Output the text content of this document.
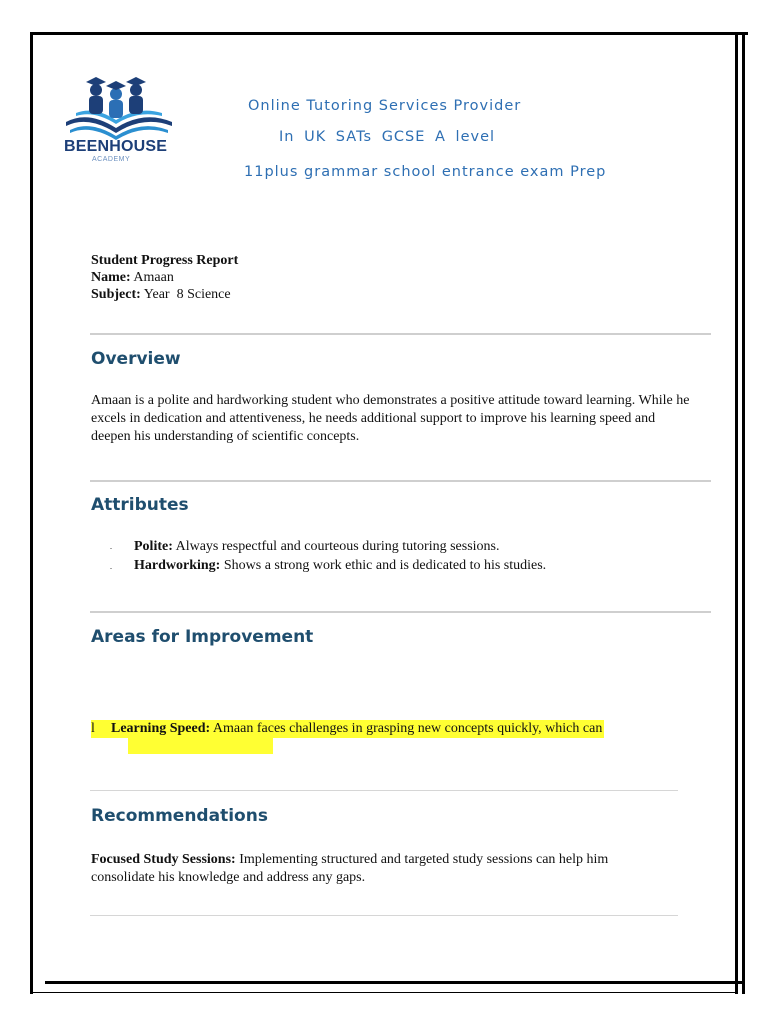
BEENHOUSE
ACADEMY
Online Tutoring Services Provider
In UK SATs GCSE A level
11plus grammar school entrance exam Prep
Student Progress Report
Name: Amaan
Subject: Year  8 Science
Overview
Amaan is a polite and hardworking student who demonstrates a positive attitude toward learning. While he excels in dedication and attentiveness, he needs additional support to improve his learning speed and deepen his understanding of scientific concepts.
Attributes
. Polite: Always respectful and courteous during tutoring sessions.
. Hardworking: Shows a strong work ethic and is dedicated to his studies.
Areas for Improvement
l Learning Speed: Amaan faces challenges in grasping new concepts quickly, which can
Recommendations
Focused Study Sessions: Implementing structured and targeted study sessions can help him consolidate his knowledge and address any gaps.
